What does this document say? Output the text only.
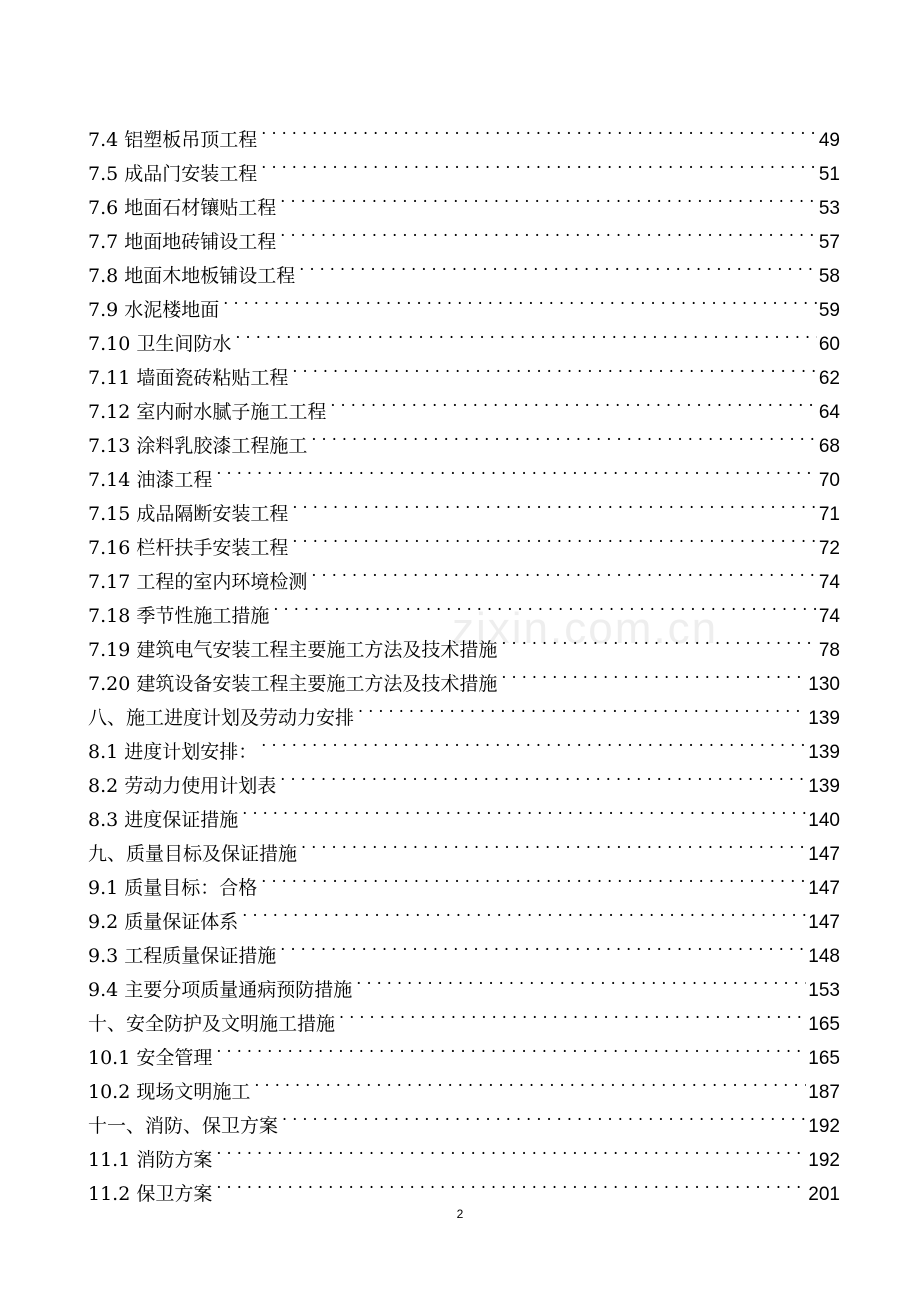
zixin.com.cn
7.4 铝塑板吊顶工程 . . .	49
7.5 成品门安装工程 . . .	51
7.6 地面石材镶贴工程 . . .	53
7.7 地面地砖铺设工程 . . .	57
7.8 地面木地板铺设工程 . . .	58
7.9 水泥楼地面 . . .	59
7.10 卫生间防水 . . .	60
7.11 墙面瓷砖粘贴工程 . . .	62
7.12 室内耐水腻子施工工程 . . .	64
7.13 涂料乳胶漆工程施工 . . .	68
7.14 油漆工程 . . .	70
7.15 成品隔断安装工程 . . .	71
7.16 栏杆扶手安装工程 . . .	72
7.17 工程的室内环境检测 . . .	74
7.18 季节性施工措施 . . .	74
7.19 建筑电气安装工程主要施工方法及技术措施 . . .	78
7.20 建筑设备安装工程主要施工方法及技术措施 . . .	130
八、施工进度计划及劳动力安排 . . .	139
8.1 进度计划安排： . . .	139
8.2 劳动力使用计划表 . . .	139
8.3 进度保证措施 . . .	140
九、质量目标及保证措施 . . .	147
9.1 质量目标：合格 . . .	147
9.2 质量保证体系 . . .	147
9.3 工程质量保证措施 . . .	148
9.4 主要分项质量通病预防措施 . . .	153
十、安全防护及文明施工措施 . . .	165
10.1 安全管理 . . .	165
10.2 现场文明施工 . . .	187
十一、消防、保卫方案 . . .	192
11.1 消防方案 . . .	192
11.2 保卫方案 . . .	201
2
